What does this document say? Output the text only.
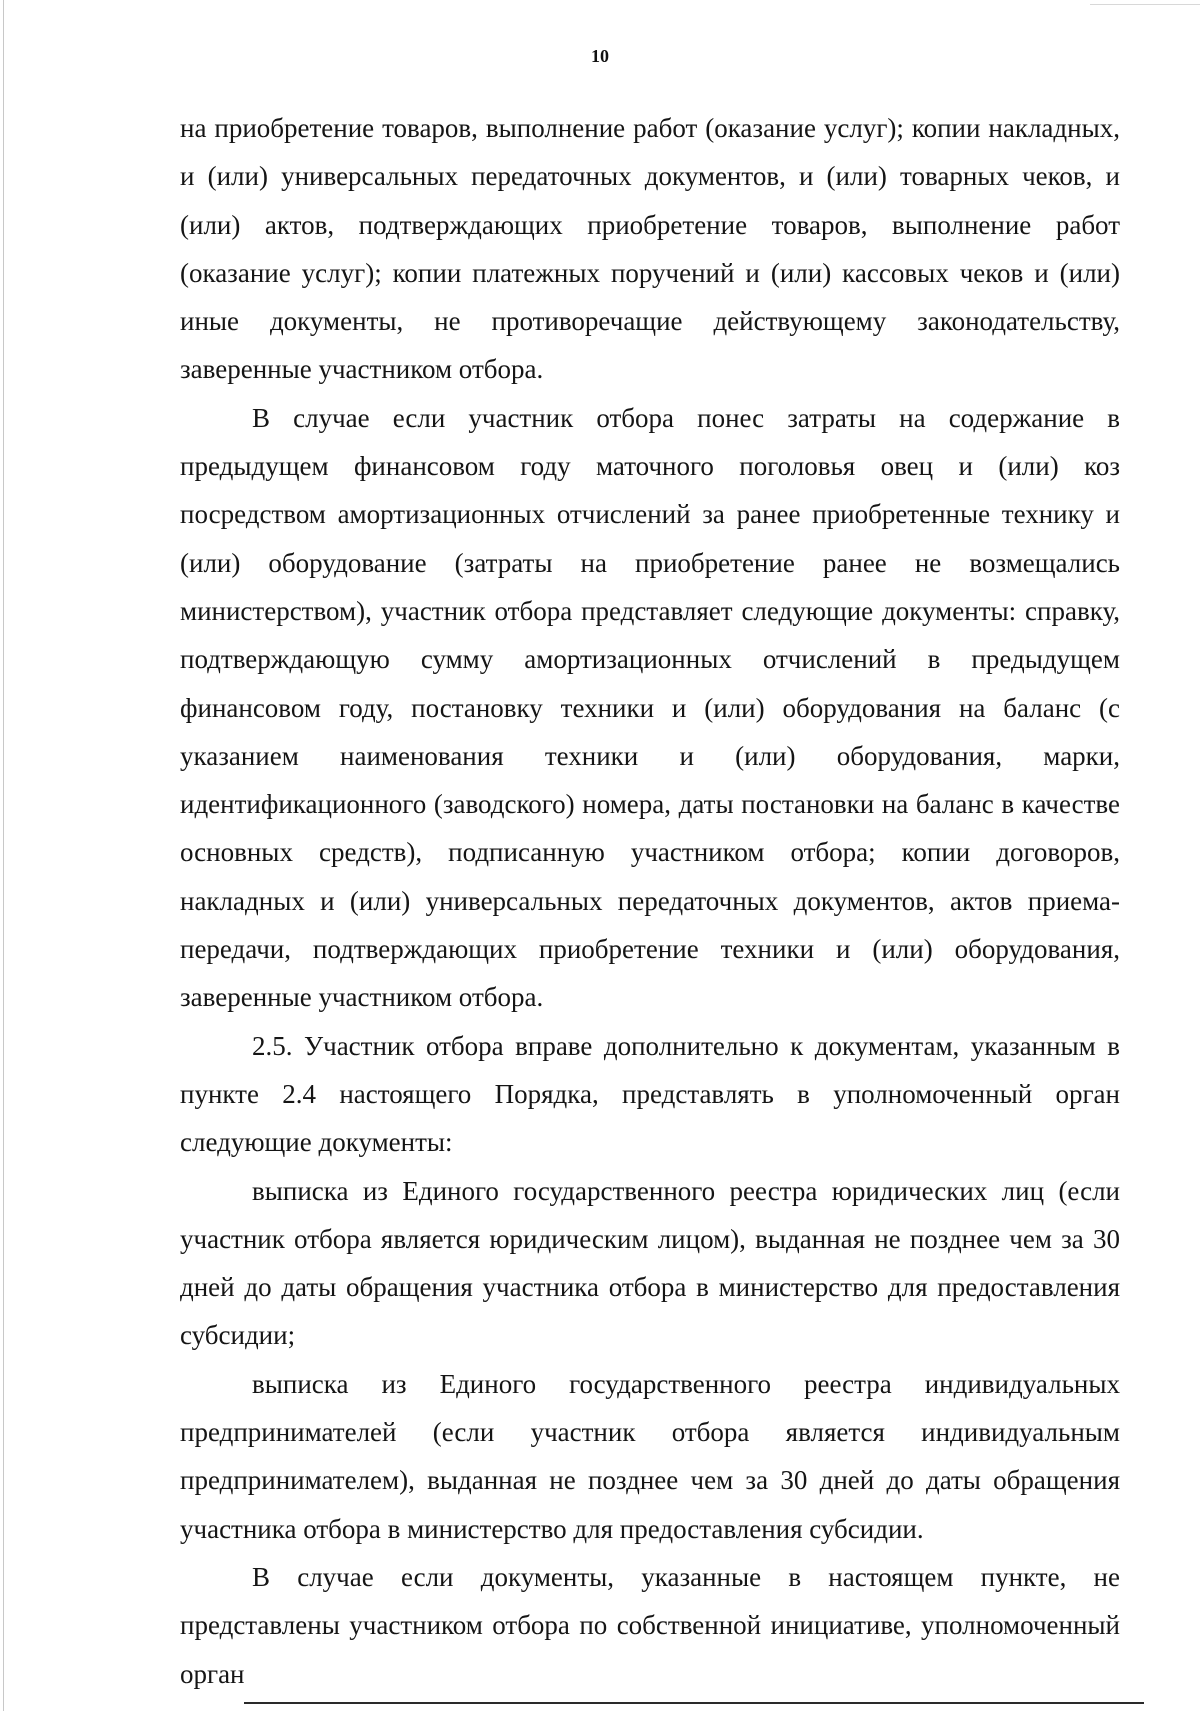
10

на приобретение товаров, выполнение работ (оказание услуг); копии накладных, и (или) универсальных передаточных документов, и (или) товарных чеков, и (или) актов, подтверждающих приобретение товаров, выполнение работ (оказание услуг); копии платежных поручений и (или) кассовых чеков и (или) иные документы, не противоречащие действующему законодательству, заверенные участником отбора.

В случае если участник отбора понес затраты на содержание в предыдущем финансовом году маточного поголовья овец и (или) коз посредством амортизационных отчислений за ранее приобретенные технику и (или) оборудование (затраты на приобретение ранее не возмещались министерством), участник отбора представляет следующие документы: справку, подтверждающую сумму амортизационных отчислений в предыдущем финансовом году, постановку техники и (или) оборудования на баланс (с указанием наименования техники и (или) оборудования, марки, идентификационного (заводского) номера, даты постановки на баланс в качестве основных средств), подписанную участником отбора; копии договоров, накладных и (или) универсальных передаточных документов, актов приема-передачи, подтверждающих приобретение техники и (или) оборудования, заверенные участником отбора.

2.5. Участник отбора вправе дополнительно к документам, указанным в пункте 2.4 настоящего Порядка, представлять в уполномоченный орган следующие документы:

выписка из Единого государственного реестра юридических лиц (если участник отбора является юридическим лицом), выданная не позднее чем за 30 дней до даты обращения участника отбора в министерство для предоставления субсидии;

выписка из Единого государственного реестра индивидуальных предпринимателей (если участник отбора является индивидуальным предпринимателем), выданная не позднее чем за 30 дней до даты обращения участника отбора в министерство для предоставления субсидии.

В случае если документы, указанные в настоящем пункте, не представлены участником отбора по собственной инициативе, уполномоченный орган
